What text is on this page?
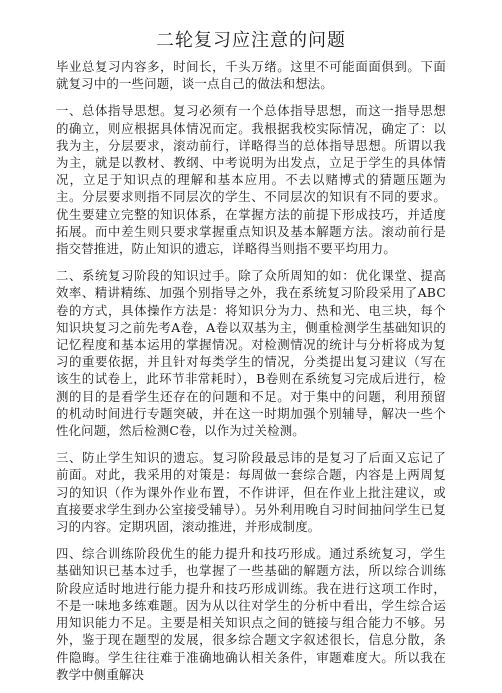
二轮复习应注意的问题

毕业总复习内容多，时间长，千头万绪。这里不可能面面俱到。下面就复习中的一些问题，谈一点自己的做法和想法。

一、总体指导思想。复习必须有一个总体指导思想，而这一指导思想的确立，则应根据具体情况而定。我根据我校实际情况，确定了：以我为主，分层要求，滚动前行，详略得当的总体指导思想。所谓以我为主，就是以教材、教纲、中考说明为出发点，立足于学生的具体情况，立足于知识点的理解和基本应用。不去以赌博式的猜题压题为主。分层要求则指不同层次的学生、不同层次的知识有不同的要求。优生要建立完整的知识体系，在掌握方法的前提下形成技巧，并适度拓展。而中差生则只要求掌握重点知识及基本解题方法。滚动前行是指交替推进，防止知识的遗忘，详略得当则指不要平均用力。

二、系统复习阶段的知识过手。除了众所周知的如：优化课堂、提高效率、精讲精练、加强个别指导之外，我在系统复习阶段采用了ABC卷的方式，具体操作方法是：将知识分为力、热和光、电三块，每个知识块复习之前先考A卷，A卷以双基为主，侧重检测学生基础知识的记忆程度和基本运用的掌握情况。对检测情况的统计与分析将成为复习的重要依据，并且针对每类学生的情况，分类提出复习建议（写在该生的试卷上，此环节非常耗时），B卷则在系统复习完成后进行，检测的目的是看学生还存在的问题和不足。对于集中的问题，利用预留的机动时间进行专题突破，并在这一时期加强个别辅导，解决一些个性化问题，然后检测C卷，以作为过关检测。

三、防止学生知识的遗忘。复习阶段最忌讳的是复习了后面又忘记了前面。对此，我采用的对策是：每周做一套综合题，内容是上两周复习的知识（作为课外作业布置，不作讲评，但在作业上批注建议，或直接要求学生到办公室接受辅导）。另外利用晚自习时间抽问学生已复习的内容。定期巩固，滚动推进，并形成制度。

四、综合训练阶段优生的能力提升和技巧形成。通过系统复习，学生基础知识已基本过手，也掌握了一些基础的解题方法，所以综合训练阶段应适时地进行能力提升和技巧形成训练。我在进行这项工作时，不是一味地多练难题。因为从以往对学生的分析中看出，学生综合运用知识能力不足。主要是相关知识点之间的链接与组合能力不够。另外，鉴于现在题型的发展，很多综合题文字叙述很长，信息分散，条件隐晦。学生往往难于准确地确认相关条件，审题难度大。所以我在教学中侧重解决
